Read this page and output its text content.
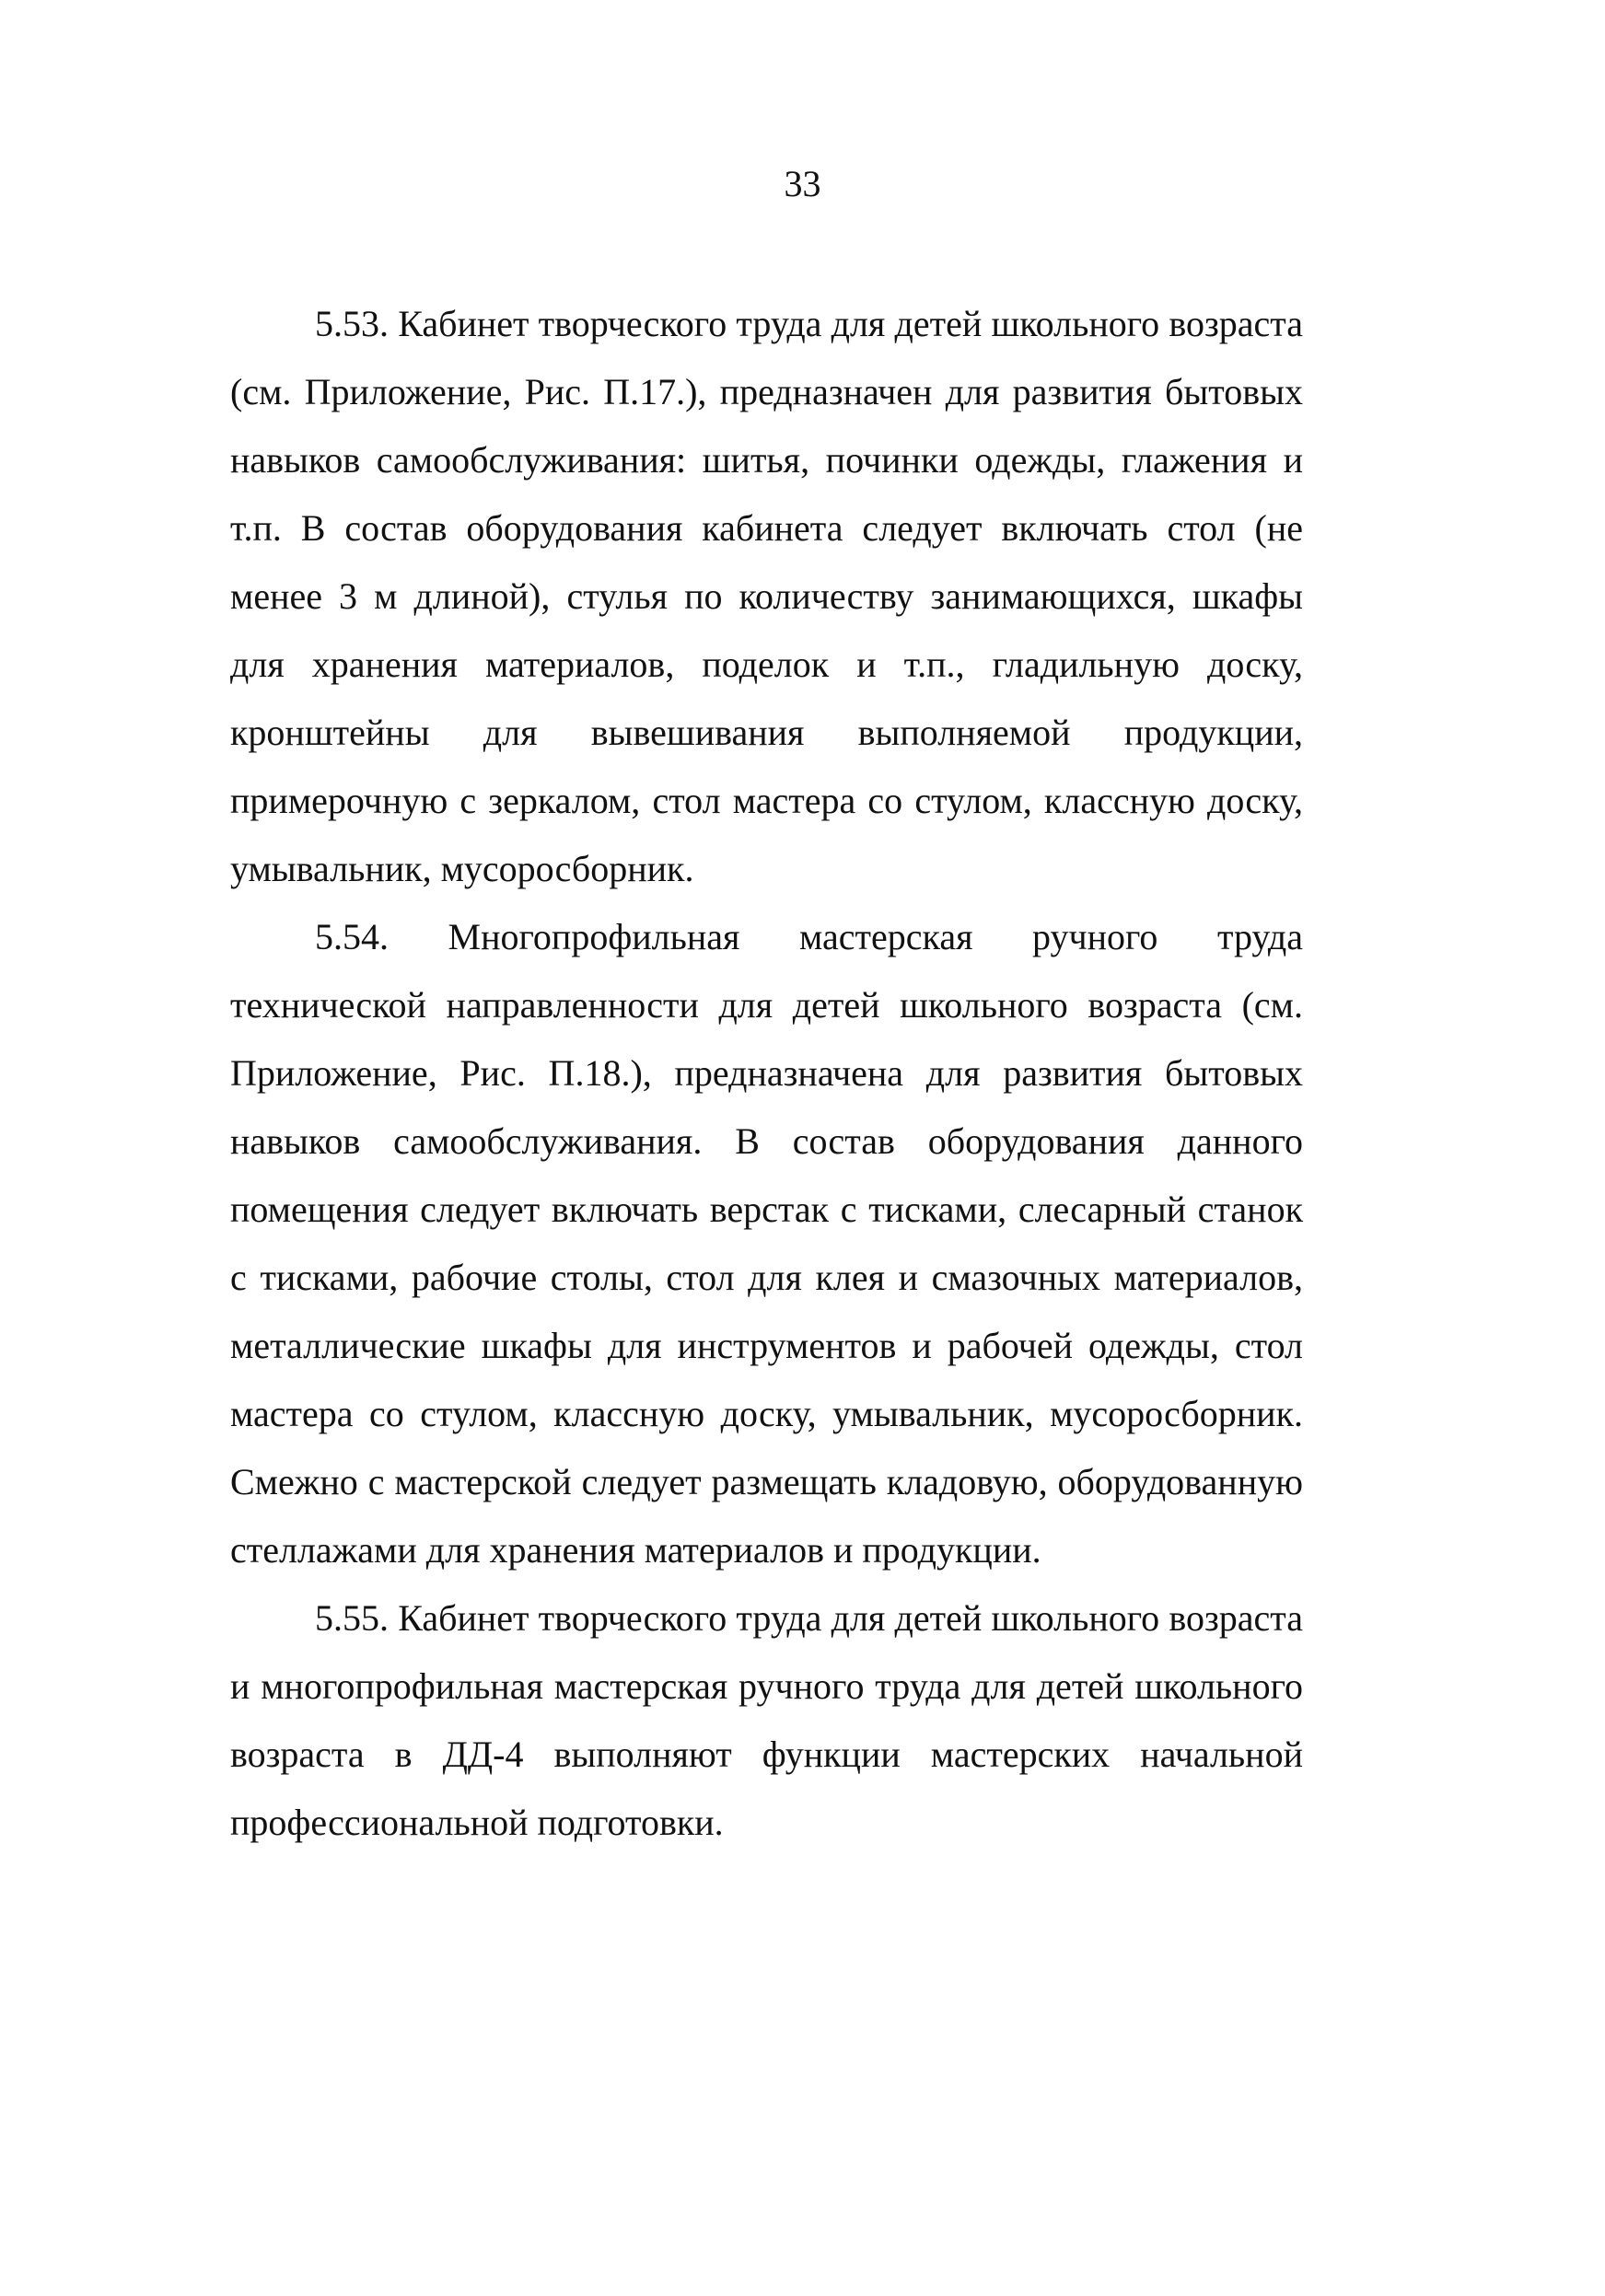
33

5.53. Кабинет творческого труда для детей школьного возраста (см. Приложение, Рис. П.17.), предназначен для развития бытовых навыков самообслуживания: шитья, починки одежды, глажения и т.п. В состав оборудования кабинета следует включать стол (не менее 3 м длиной), стулья по количеству занимающихся, шкафы для хранения материалов, поделок и т.п., гладильную доску, кронштейны для вывешивания выполняемой продукции, примерочную с зеркалом, стол мастера со стулом, классную доску, умывальник, мусоросборник.

5.54. Многопрофильная мастерская ручного труда технической направленности для детей школьного возраста (см. Приложение, Рис. П.18.), предназначена для развития бытовых навыков самообслуживания. В состав оборудования данного помещения следует включать верстак с тисками, слесарный станок с тисками, рабочие столы, стол для клея и смазочных материалов, металлические шкафы для инструментов и рабочей одежды, стол мастера со стулом, классную доску, умывальник, мусоросборник. Смежно с мастерской следует размещать кладовую, оборудованную стеллажами для хранения материалов и продукции.

5.55. Кабинет творческого труда для детей школьного возраста и многопрофильная мастерская ручного труда для детей школьного возраста в ДД-4 выполняют функции мастерских начальной профессиональной подготовки.
